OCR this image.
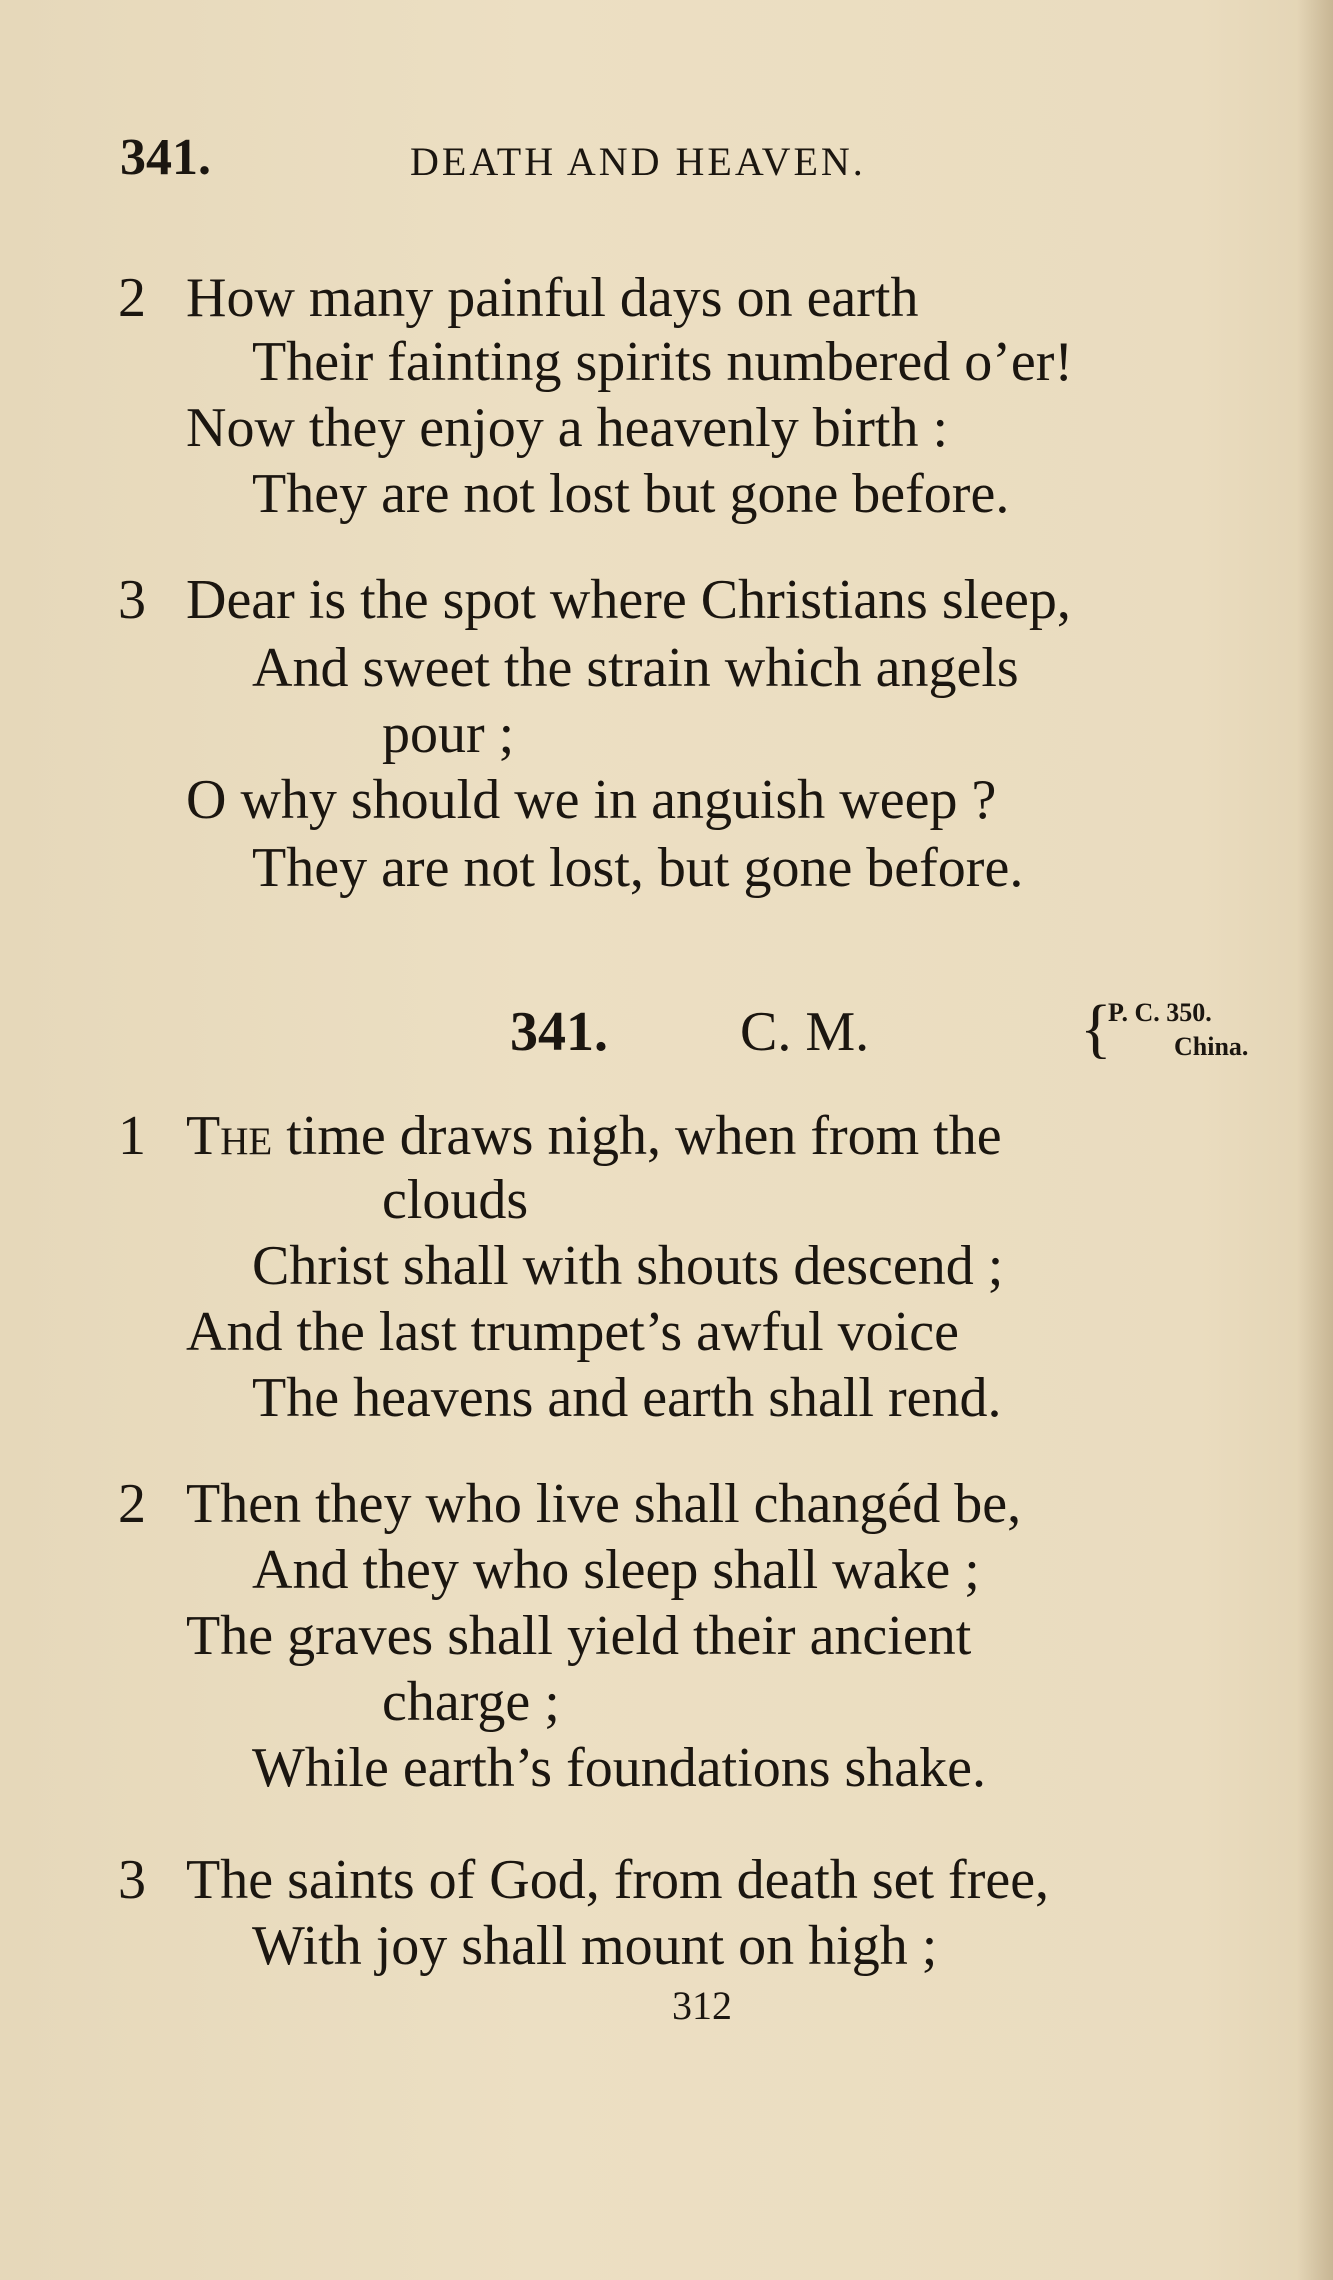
341.	DEATH AND HEAVEN.
2 How many painful days on earth
Their fainting spirits numbered o’er!
Now they enjoy a heavenly birth :
They are not lost but gone before.
3 Dear is the spot where Christians sleep,
And sweet the strain which angels
pour ;
O why should we in anguish weep ?
They are not lost, but gone before.
341. C. M.	{
P. C. 350.
China.
1 The time draws nigh, when from the
clouds
Christ shall with shouts descend ;
And the last trumpet’s awful voice
The heavens and earth shall rend.
2 Then they who live shall changéd be,
And they who sleep shall wake ;
The graves shall yield their ancient
charge ;
While earth’s foundations shake.
3 The saints of God, from death set free,
With joy shall mount on high ;
312
